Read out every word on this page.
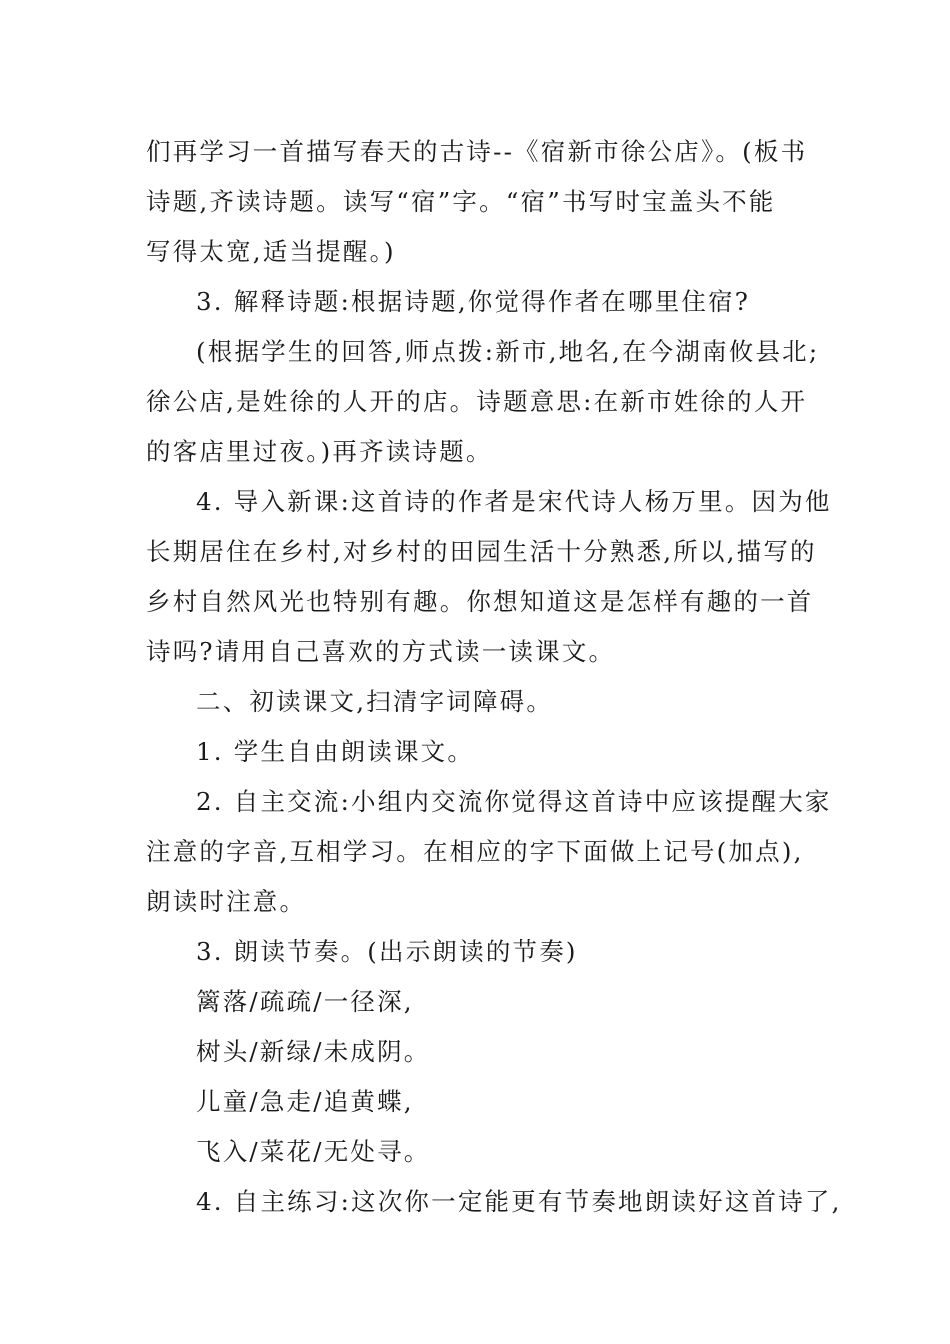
们再学习一首描写春天的古诗--《宿新市徐公店》。(板书
诗题,齐读诗题。读写“宿”字。“宿”书写时宝盖头不能
写得太宽,适当提醒。)
3. 解释诗题:根据诗题,你觉得作者在哪里住宿?
(根据学生的回答,师点拨:新市,地名,在今湖南攸县北;
徐公店,是姓徐的人开的店。诗题意思:在新市姓徐的人开
的客店里过夜。)再齐读诗题。
4. 导入新课:这首诗的作者是宋代诗人杨万里。因为他
长期居住在乡村,对乡村的田园生活十分熟悉,所以,描写的
乡村自然风光也特别有趣。你想知道这是怎样有趣的一首
诗吗?请用自己喜欢的方式读一读课文。
二、初读课文,扫清字词障碍。
1. 学生自由朗读课文。
2. 自主交流:小组内交流你觉得这首诗中应该提醒大家
注意的字音,互相学习。在相应的字下面做上记号(加点),
朗读时注意。
3. 朗读节奏。(出示朗读的节奏)
篱落/疏疏/一径深,
树头/新绿/未成阴。
儿童/急走/追黄蝶,
飞入/菜花/无处寻。
4. 自主练习:这次你一定能更有节奏地朗读好这首诗了,
